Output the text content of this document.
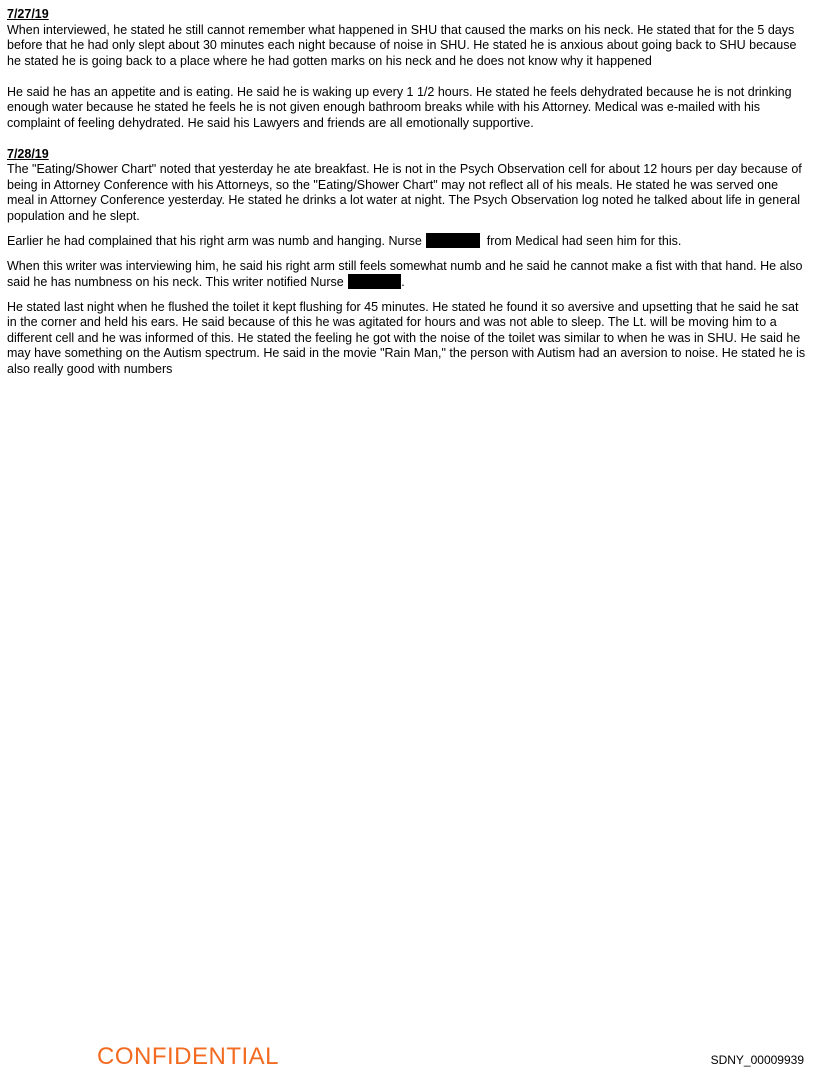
7/27/19

When interviewed, he stated he still cannot remember what happened in SHU that caused the marks on his neck. He stated that for the 5 days before that he had only slept about 30 minutes each night because of noise in SHU. He stated he is anxious about going back to SHU because he stated he is going back to a place where he had gotten marks on his neck and he does not know why it happened

He said he has an appetite and is eating. He said he is waking up every 1 1/2 hours. He stated he feels dehydrated because he is not drinking enough water because he stated he feels he is not given enough bathroom breaks while with his Attorney. Medical was e-mailed with his complaint of feeling dehydrated. He said his Lawyers and friends are all emotionally supportive.

7/28/19

The "Eating/Shower Chart" noted that yesterday he ate breakfast. He is not in the Psych Observation cell for about 12 hours per day because of being in Attorney Conference with his Attorneys, so the "Eating/Shower Chart" may not reflect all of his meals. He stated he was served one meal in Attorney Conference yesterday. He stated he drinks a lot water at night. The Psych Observation log noted he talked about life in general population and he slept.

Earlier he had complained that his right arm was numb and hanging. Nurse	from Medical had seen him for this.

When this writer was interviewing him, he said his right arm still feels somewhat numb and he said he cannot make a fist with that hand. He also said he has numbness on his neck. This writer notified Nurse	.

He stated last night when he flushed the toilet it kept flushing for 45 minutes. He stated he found it so aversive and upsetting that he said he sat in the corner and held his ears. He said because of this he was agitated for hours and was not able to sleep. The Lt. will be moving him to a different cell and he was informed of this. He stated the feeling he got with the noise of the toilet was similar to when he was in SHU. He said he may have something on the Autism spectrum. He said in the movie "Rain Man," the person with Autism had an aversion to noise. He stated he is also really good with numbers

CONFIDENTIAL	SDNY_00009939
